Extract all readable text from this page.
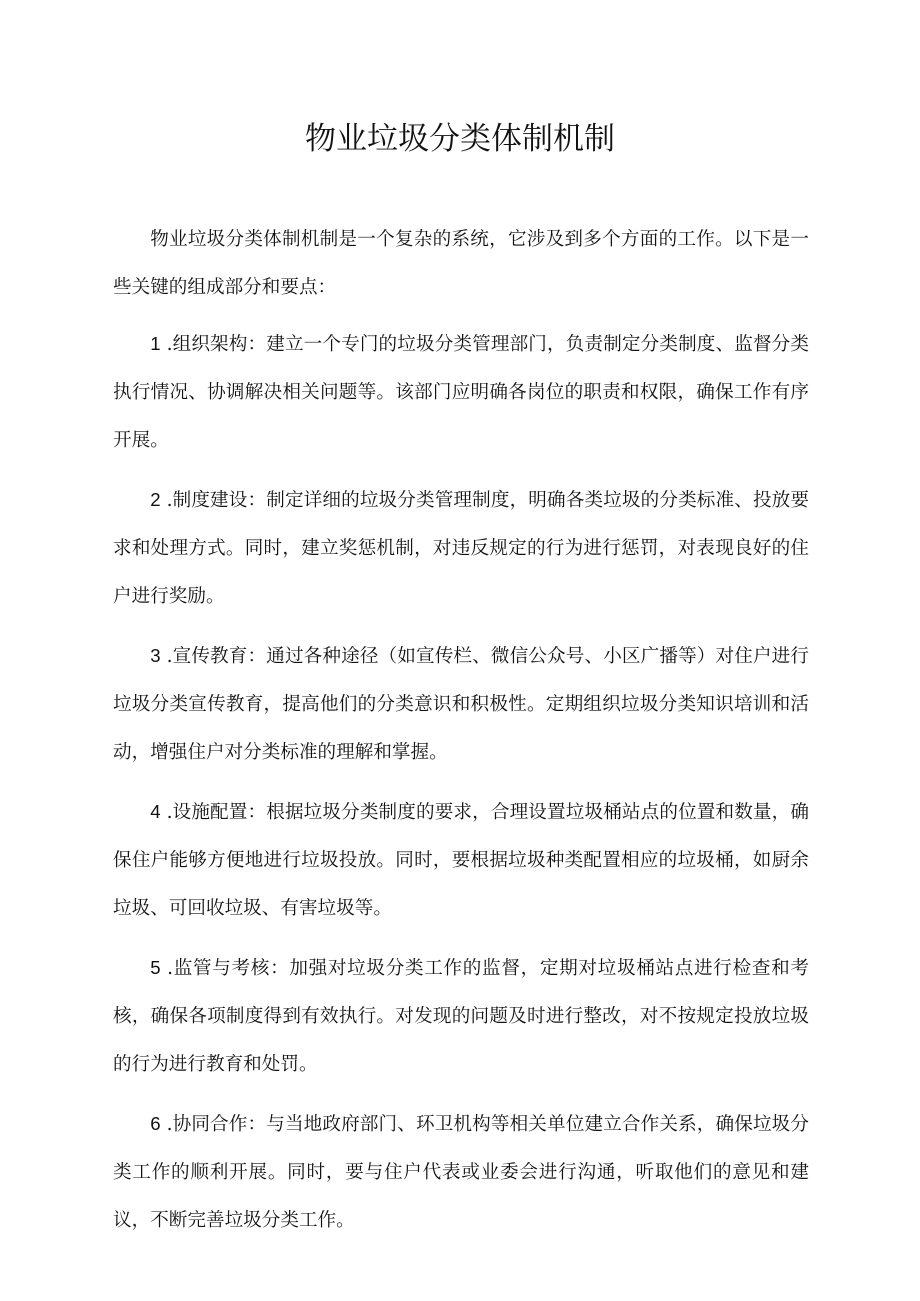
物业垃圾分类体制机制

物业垃圾分类体制机制是一个复杂的系统，它涉及到多个方面的工作。以下是一些关键的组成部分和要点：

1 .组织架构：建立一个专门的垃圾分类管理部门，负责制定分类制度、监督分类执行情况、协调解决相关问题等。该部门应明确各岗位的职责和权限，确保工作有序开展。

2 .制度建设：制定详细的垃圾分类管理制度，明确各类垃圾的分类标准、投放要求和处理方式。同时，建立奖惩机制，对违反规定的行为进行惩罚，对表现良好的住户进行奖励。

3 .宣传教育：通过各种途径（如宣传栏、微信公众号、小区广播等）对住户进行垃圾分类宣传教育，提高他们的分类意识和积极性。定期组织垃圾分类知识培训和活动，增强住户对分类标准的理解和掌握。

4 .设施配置：根据垃圾分类制度的要求，合理设置垃圾桶站点的位置和数量，确保住户能够方便地进行垃圾投放。同时，要根据垃圾种类配置相应的垃圾桶，如厨余垃圾、可回收垃圾、有害垃圾等。

5 .监管与考核：加强对垃圾分类工作的监督，定期对垃圾桶站点进行检查和考核，确保各项制度得到有效执行。对发现的问题及时进行整改，对不按规定投放垃圾的行为进行教育和处罚。

6 .协同合作：与当地政府部门、环卫机构等相关单位建立合作关系，确保垃圾分类工作的顺利开展。同时，要与住户代表或业委会进行沟通，听取他们的意见和建议，不断完善垃圾分类工作。
